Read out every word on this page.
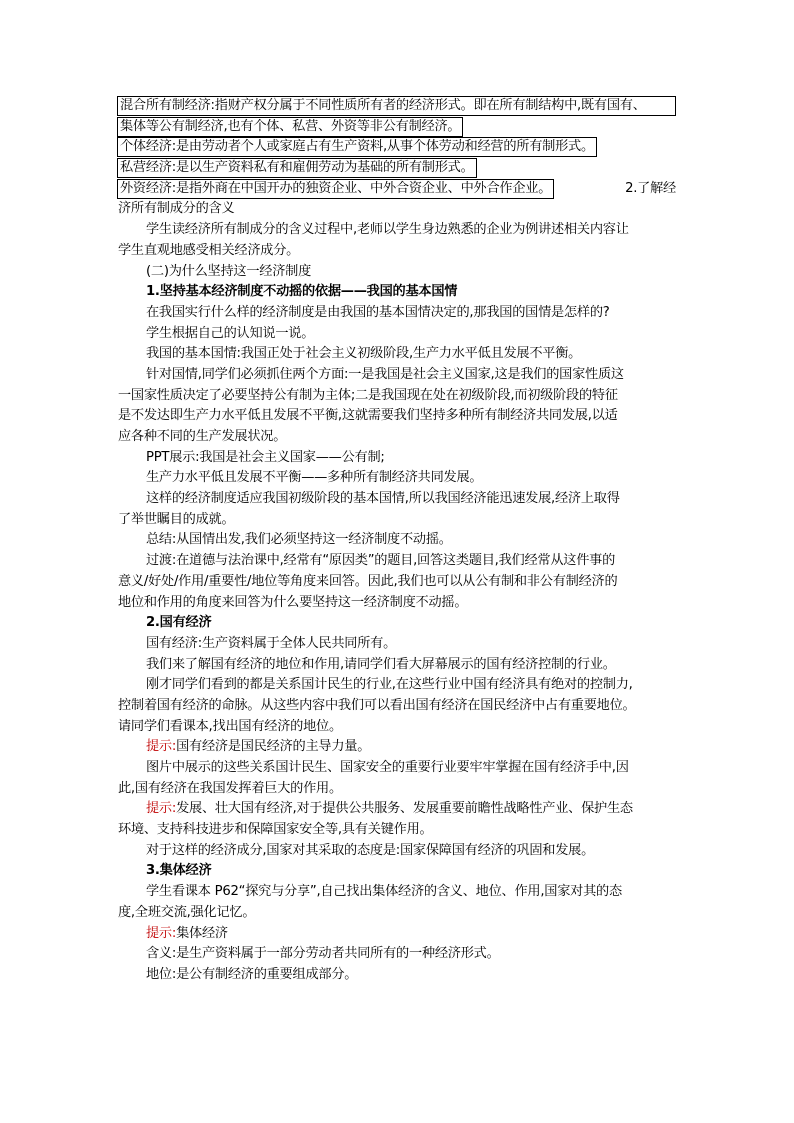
混合所有制经济:指财产权分属于不同性质所有者的经济形式。即在所有制结构中,既有国有、
集体等公有制经济,也有个体、私营、外资等非公有制经济。
个体经济:是由劳动者个人或家庭占有生产资料,从事个体劳动和经营的所有制形式。
私营经济:是以生产资料私有和雇佣劳动为基础的所有制形式。
外资经济:是指外商在中国开办的独资企业、中外合资企业、中外合作企业。	2.了解经
济所有制成分的含义
学生读经济所有制成分的含义过程中,老师以学生身边熟悉的企业为例讲述相关内容让
学生直观地感受相关经济成分。
(二)为什么坚持这一经济制度
1.坚持基本经济制度不动摇的依据——我国的基本国情
在我国实行什么样的经济制度是由我国的基本国情决定的,那我国的国情是怎样的?
学生根据自己的认知说一说。
我国的基本国情:我国正处于社会主义初级阶段,生产力水平低且发展不平衡。
针对国情,同学们必须抓住两个方面:一是我国是社会主义国家,这是我们的国家性质这
一国家性质决定了必要坚持公有制为主体;二是我国现在处在初级阶段,而初级阶段的特征
是不发达即生产力水平低且发展不平衡,这就需要我们坚持多种所有制经济共同发展,以适
应各种不同的生产发展状况。
PPT展示:我国是社会主义国家——公有制;
生产力水平低且发展不平衡——多种所有制经济共同发展。
这样的经济制度适应我国初级阶段的基本国情,所以我国经济能迅速发展,经济上取得
了举世瞩目的成就。
总结:从国情出发,我们必须坚持这一经济制度不动摇。
过渡:在道德与法治课中,经常有“原因类”的题目,回答这类题目,我们经常从这件事的
意义/好处/作用/重要性/地位等角度来回答。因此,我们也可以从公有制和非公有制经济的
地位和作用的角度来回答为什么要坚持这一经济制度不动摇。
2.国有经济
国有经济:生产资料属于全体人民共同所有。
我们来了解国有经济的地位和作用,请同学们看大屏幕展示的国有经济控制的行业。
刚才同学们看到的都是关系国计民生的行业,在这些行业中国有经济具有绝对的控制力,
控制着国有经济的命脉。从这些内容中我们可以看出国有经济在国民经济中占有重要地位。
请同学们看课本,找出国有经济的地位。
提示:国有经济是国民经济的主导力量。
图片中展示的这些关系国计民生、国家安全的重要行业要牢牢掌握在国有经济手中,因
此,国有经济在我国发挥着巨大的作用。
提示:发展、壮大国有经济,对于提供公共服务、发展重要前瞻性战略性产业、保护生态
环境、支持科技进步和保障国家安全等,具有关键作用。
对于这样的经济成分,国家对其采取的态度是:国家保障国有经济的巩固和发展。
3.集体经济
学生看课本 P62“探究与分享”,自己找出集体经济的含义、地位、作用,国家对其的态
度,全班交流,强化记忆。
提示:集体经济
含义:是生产资料属于一部分劳动者共同所有的一种经济形式。
地位:是公有制经济的重要组成部分。
